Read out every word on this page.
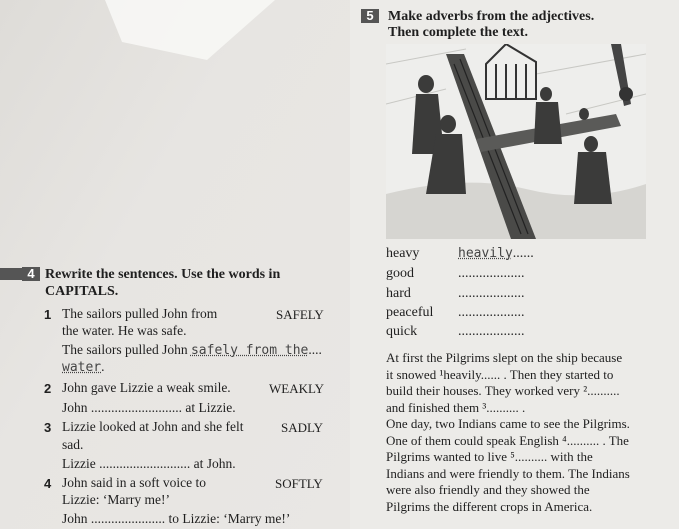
5	Make adverbs from the adjectives.
Then complete the text.
heavy	heavily......
good	...................
hard	...................
peaceful ...................
quick	...................
At first the Pilgrims slept on the ship because
it snowed ¹heavily...... . Then they started to
build their houses. They worked very ²..........
and finished them ³.......... .
One day, two Indians came to see the Pilgrims.
One of them could speak English ⁴.......... . The
Pilgrims wanted to live ⁵.......... with the
Indians and were friendly to them. The Indians
were also friendly and they showed the
Pilgrims the different crops in America.
4 Rewrite the sentences. Use the words in
CAPITALS.
1 The sailors pulled John from	SAFELY
the water. He was safe.
The sailors pulled John safely from the....
water.
2 John gave Lizzie a weak smile.	WEAKLY
John ........................... at Lizzie.
3 Lizzie looked at John and she felt	SADLY
sad.
Lizzie ........................... at John.
4 John said in a soft voice to	SOFTLY
Lizzie: ‘Marry me!’
John ...................... to Lizzie: ‘Marry me!’
